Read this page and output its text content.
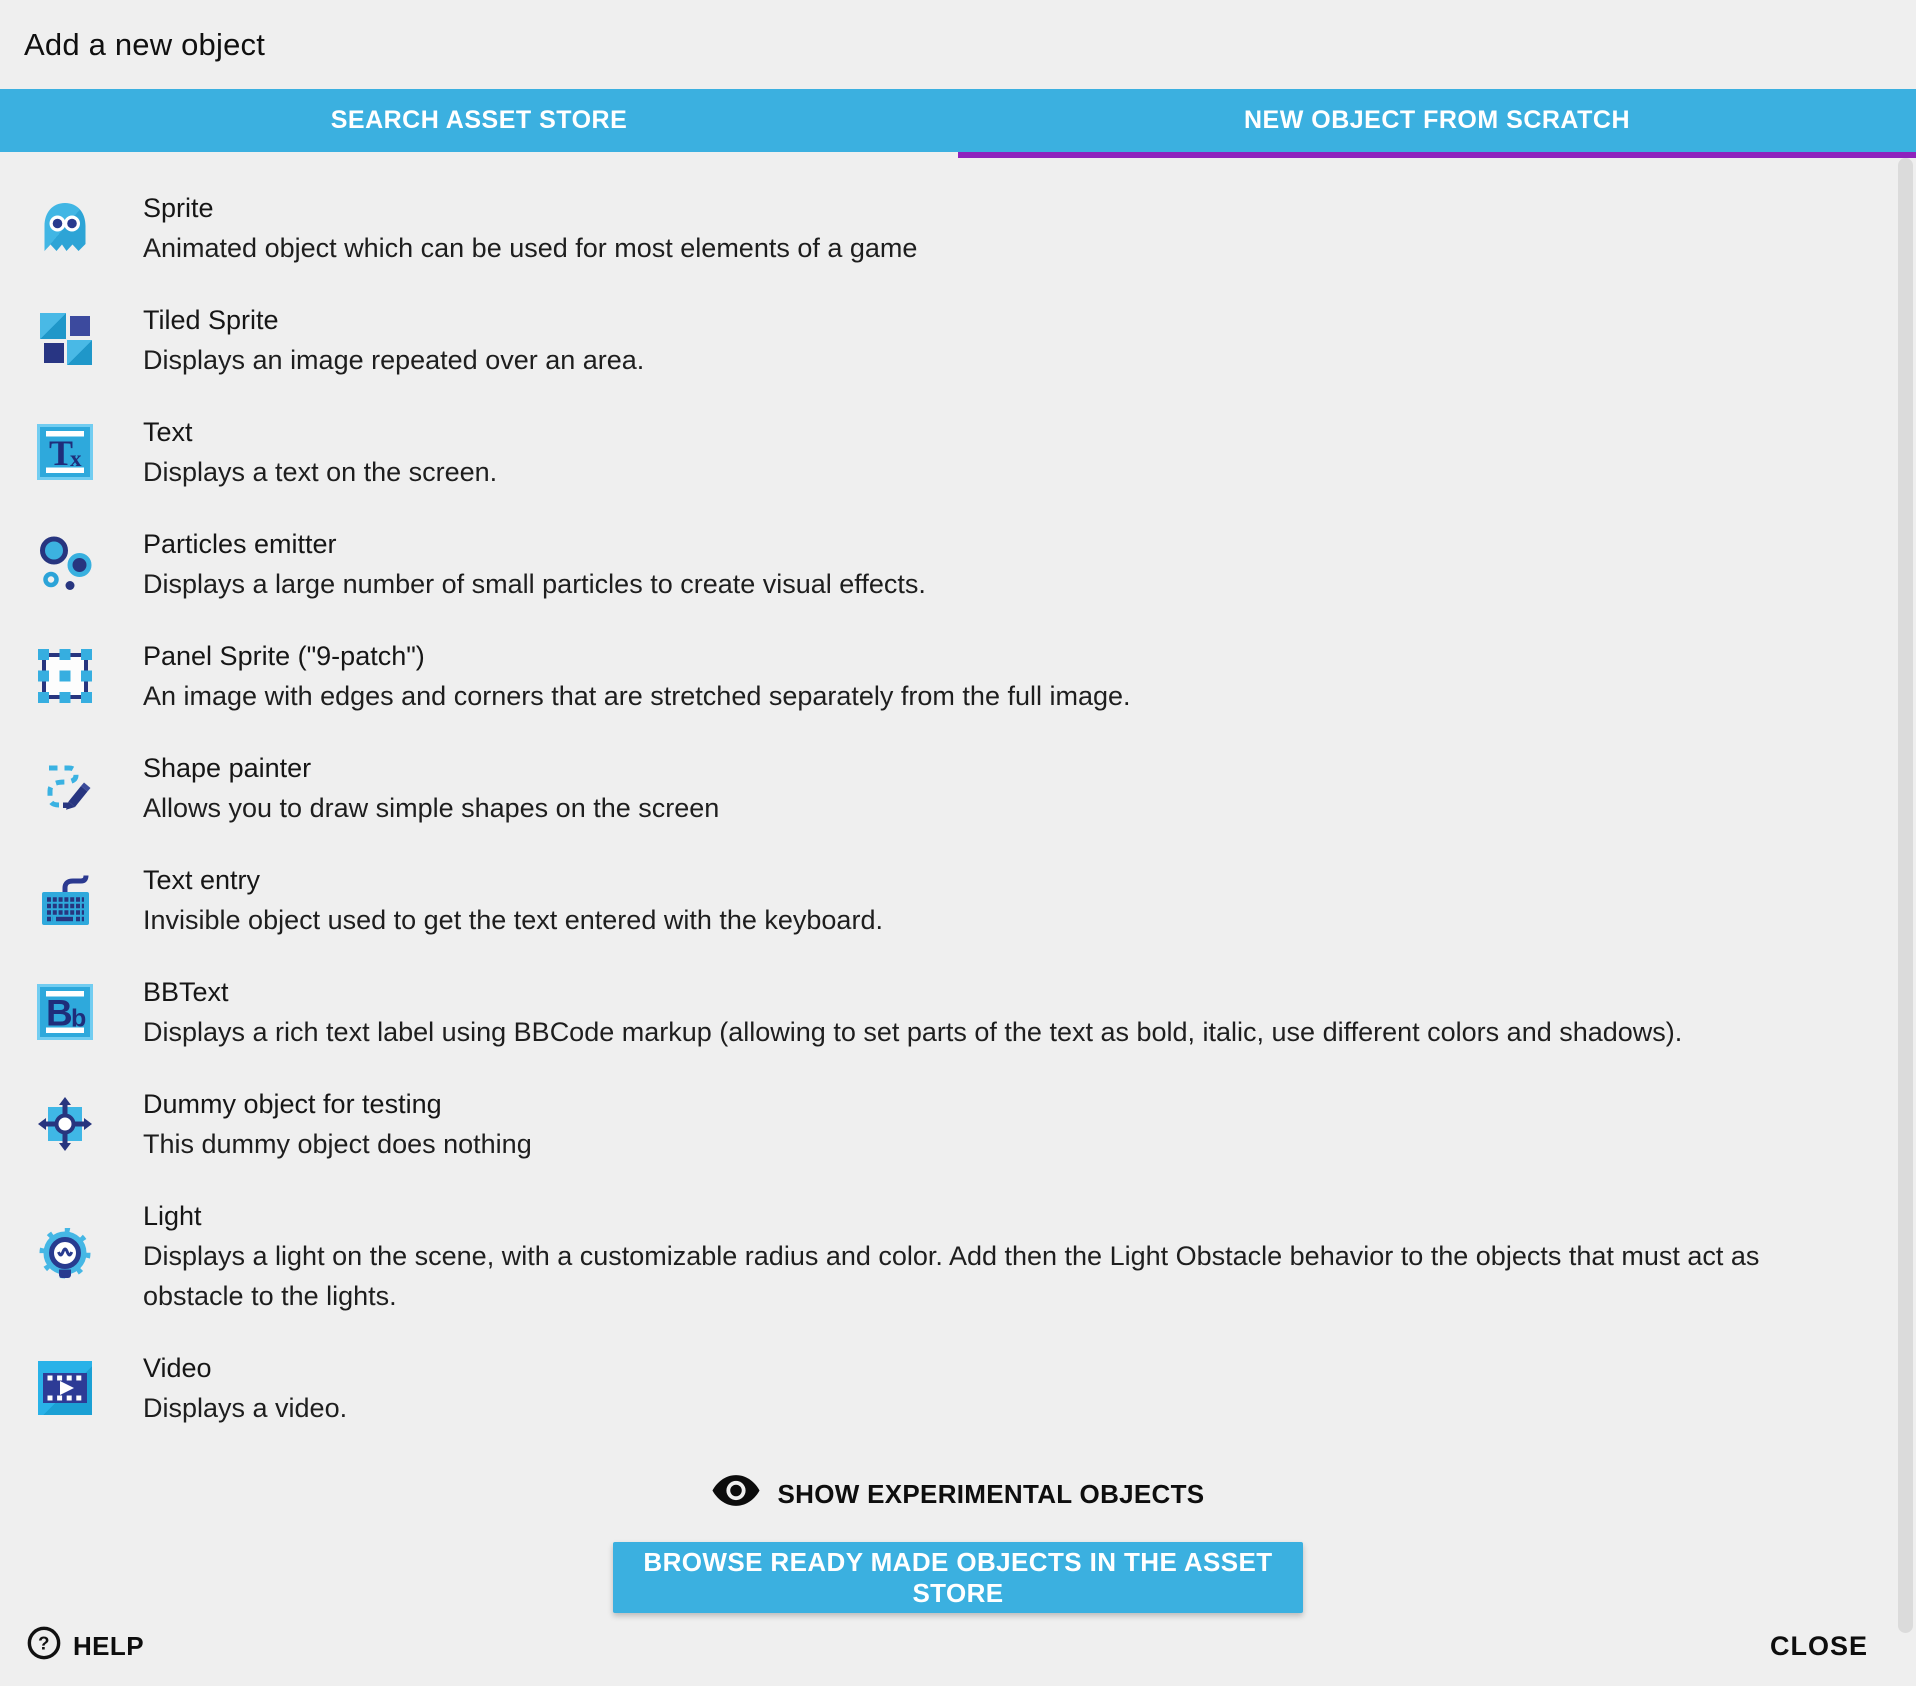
Add a new object
SEARCH ASSET STORE	NEW OBJECT FROM SCRATCH
Sprite
Animated object which can be used for most elements of a game
Tiled Sprite
Displays an image repeated over an area.
T
x
Text
Displays a text on the screen.
Particles emitter
Displays a large number of small particles to create visual effects.
Panel Sprite ("9-patch")
An image with edges and corners that are stretched separately from the full image.
Shape painter
Allows you to draw simple shapes on the screen
Text entry
Invisible object used to get the text entered with the keyboard.
B
b
BBText
Displays a rich text label using BBCode markup (allowing to set parts of the text as bold, italic, use different colors and shadows).
Dummy object for testing
This dummy object does nothing
Light
Displays a light on the scene, with a customizable radius and color. Add then the Light Obstacle behavior to the objects that must act as obstacle to the lights.
Video
Displays a video.
SHOW EXPERIMENTAL OBJECTS
BROWSE READY MADE OBJECTS IN THE ASSET STORE
? HELP	CLOSE
